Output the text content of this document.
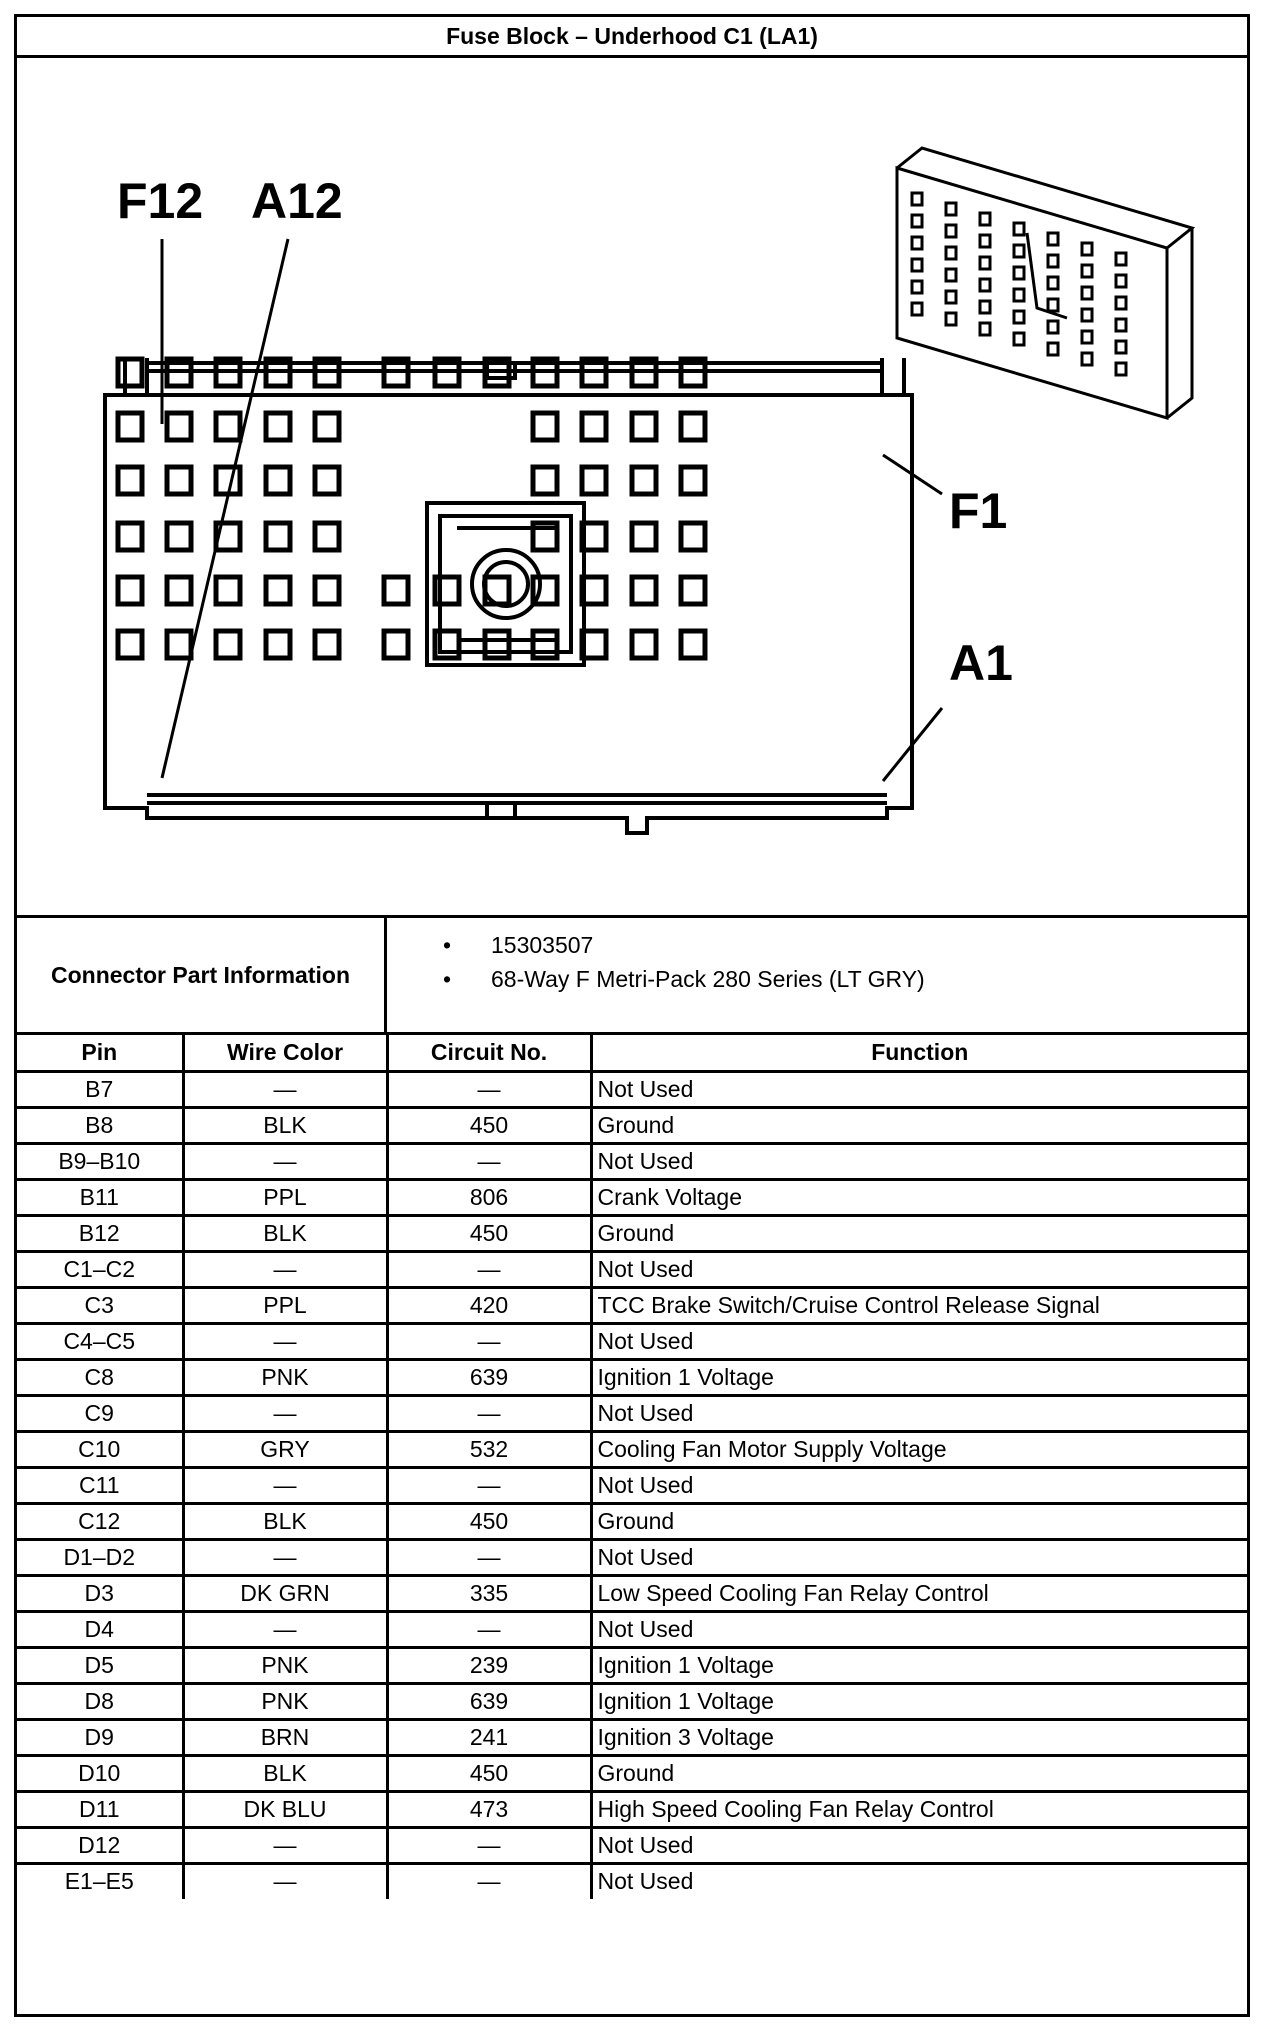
Fuse Block – Underhood C1 (LA1)
F12 A12
F1
A1
Connector Part Information
• 15303507
• 68-Way F Metri-Pack 280 Series (LT GRY)
Pin	Wire Color	Circuit No.	Function
B7	—	—	Not Used
B8	BLK	450	Ground
B9–B10	—	—	Not Used
B11	PPL	806	Crank Voltage
B12	BLK	450	Ground
C1–C2	—	—	Not Used
C3	PPL	420	TCC Brake Switch/Cruise Control Release Signal
C4–C5	—	—	Not Used
C8	PNK	639	Ignition 1 Voltage
C9	—	—	Not Used
C10	GRY	532	Cooling Fan Motor Supply Voltage
C11	—	—	Not Used
C12	BLK	450	Ground
D1–D2	—	—	Not Used
D3	DK GRN	335	Low Speed Cooling Fan Relay Control
D4	—	—	Not Used
D5	PNK	239	Ignition 1 Voltage
D8	PNK	639	Ignition 1 Voltage
D9	BRN	241	Ignition 3 Voltage
D10	BLK	450	Ground
D11	DK BLU	473	High Speed Cooling Fan Relay Control
D12	—	—	Not Used
E1–E5	—	—	Not Used
